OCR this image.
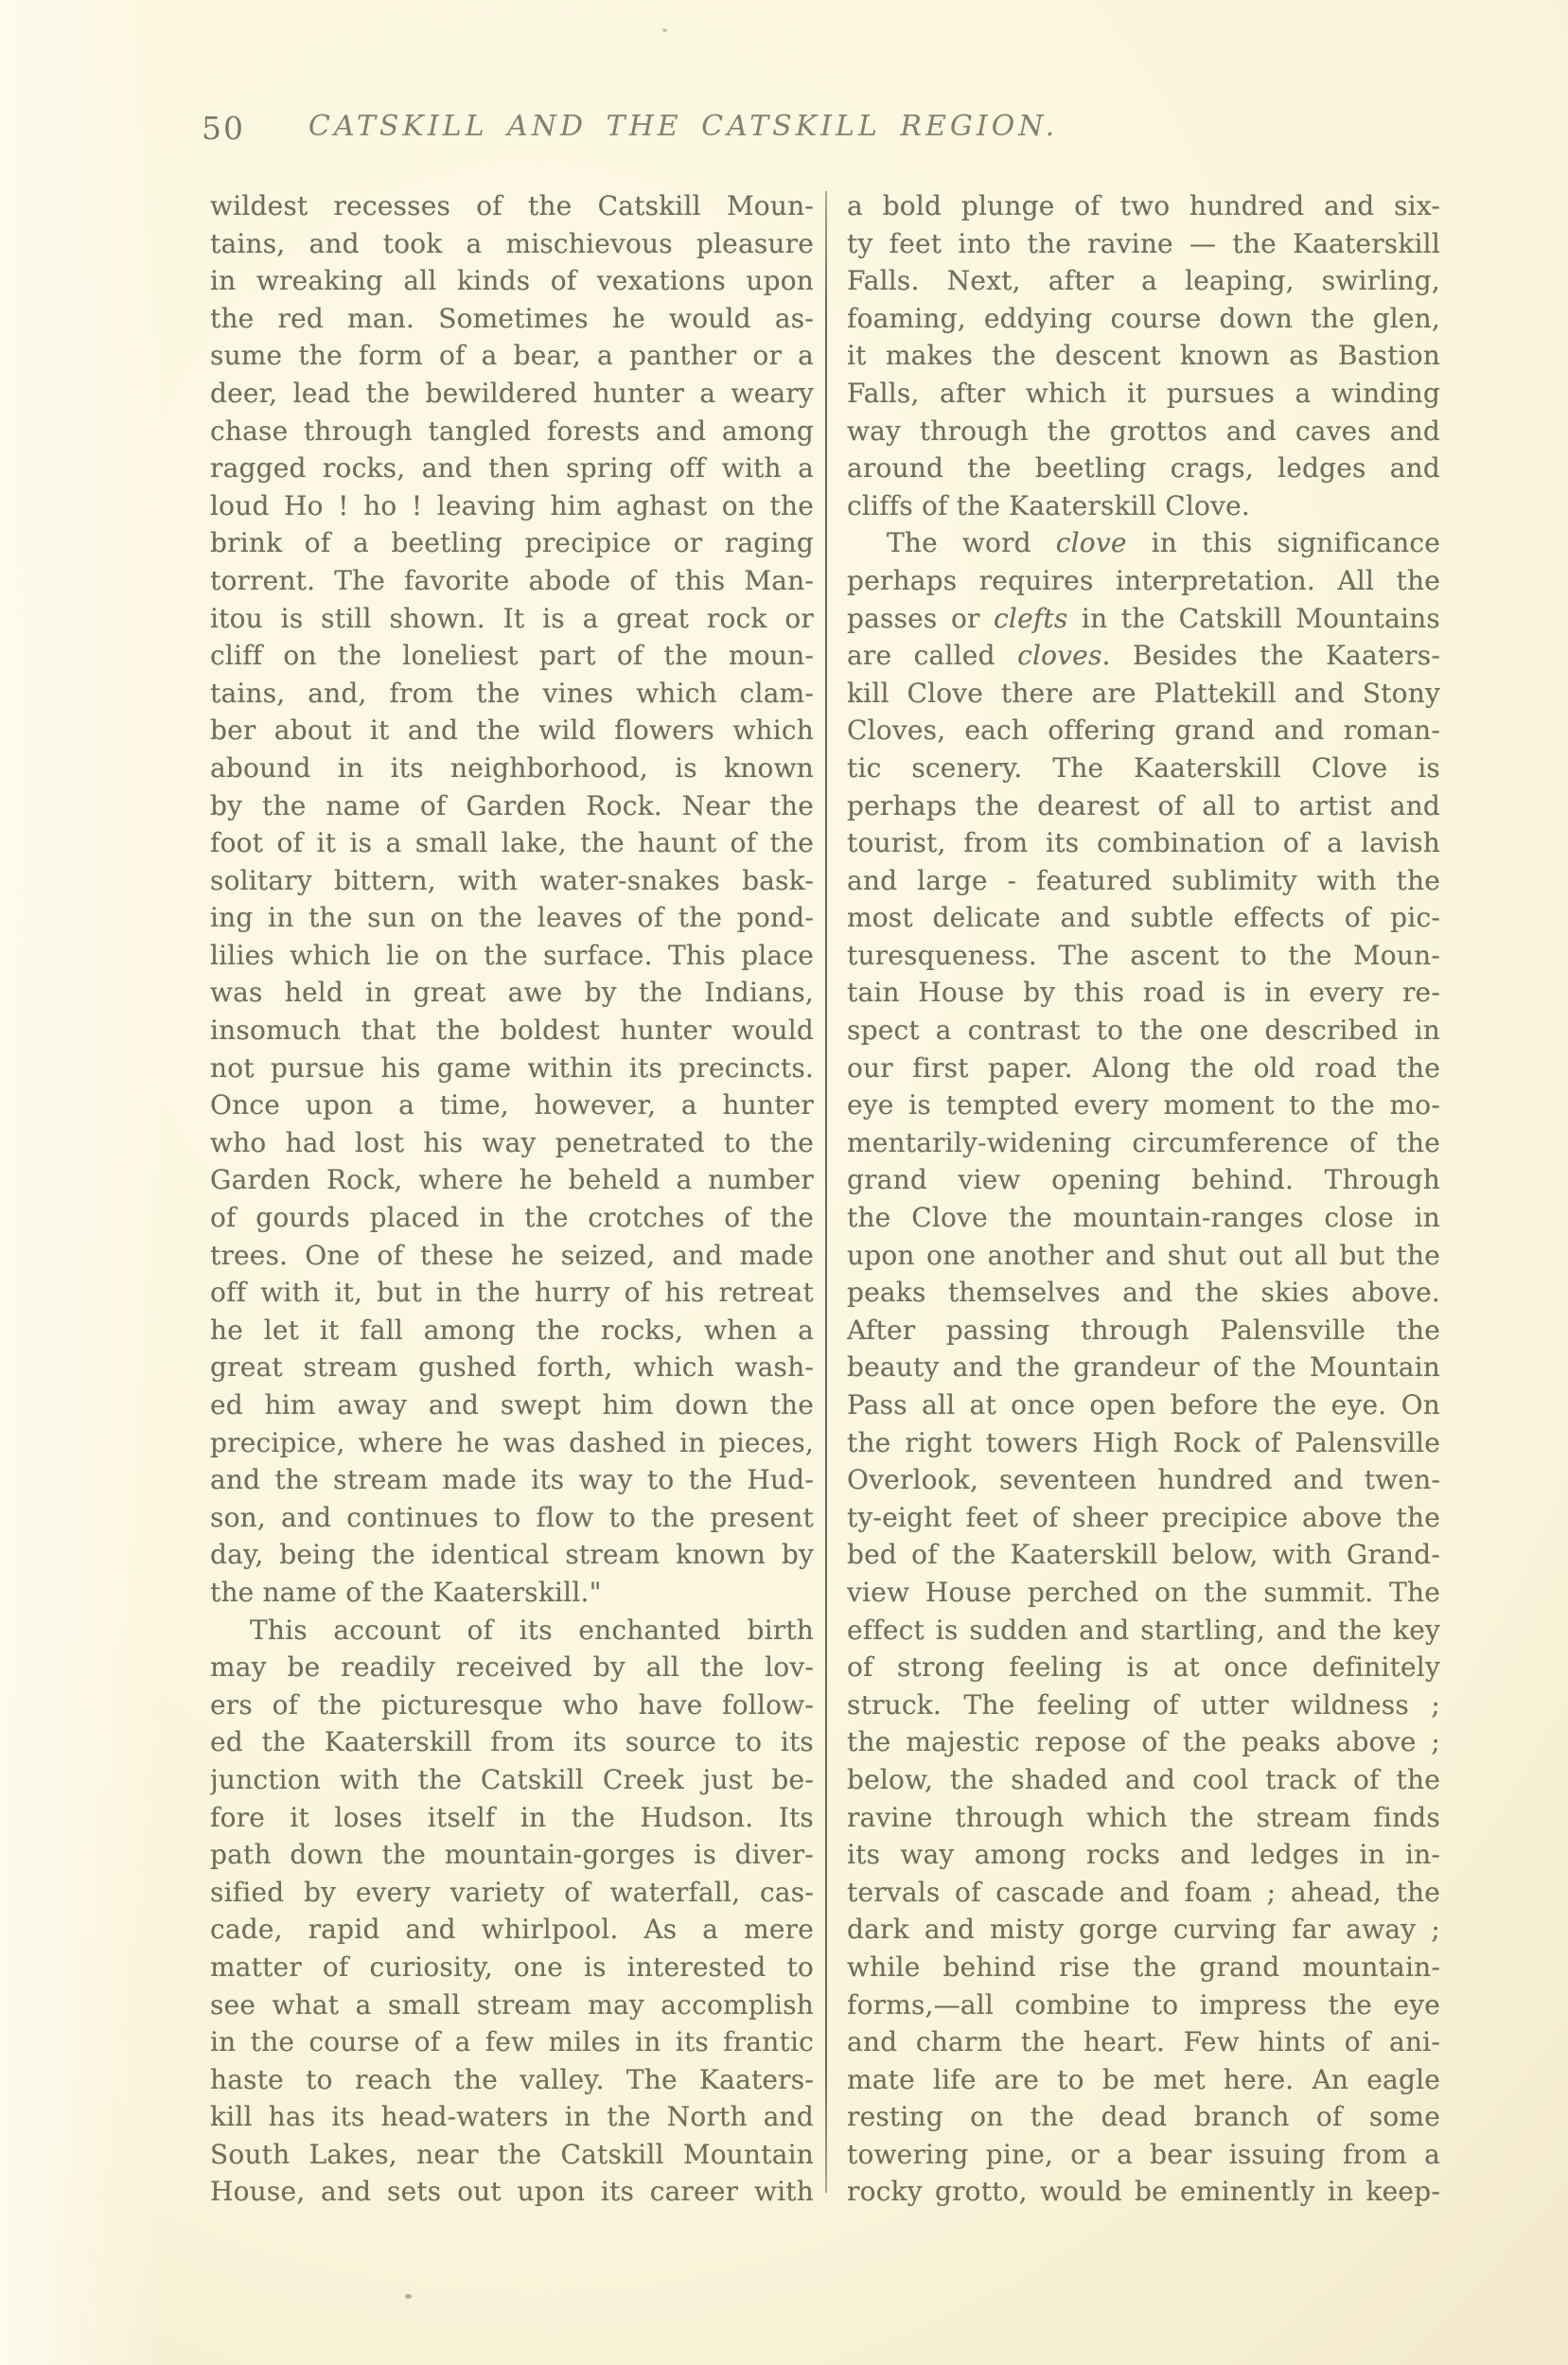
50	CATSKILL AND THE CATSKILL REGION.
wildest recesses of the Catskill Moun-
tains, and took a mischievous pleasure
in wreaking all kinds of vexations upon
the red man. Sometimes he would as-
sume the form of a bear, a panther or a
deer, lead the bewildered hunter a weary
chase through tangled forests and among
ragged rocks, and then spring off with a
loud Ho ! ho ! leaving him aghast on the
brink of a beetling precipice or raging
torrent. The favorite abode of this Man-
itou is still shown. It is a great rock or
cliff on the loneliest part of the moun-
tains, and, from the vines which clam-
ber about it and the wild flowers which
abound in its neighborhood, is known
by the name of Garden Rock. Near the
foot of it is a small lake, the haunt of the
solitary bittern, with water-snakes bask-
ing in the sun on the leaves of the pond-
lilies which lie on the surface. This place
was held in great awe by the Indians,
insomuch that the boldest hunter would
not pursue his game within its precincts.
Once upon a time, however, a hunter
who had lost his way penetrated to the
Garden Rock, where he beheld a number
of gourds placed in the crotches of the
trees. One of these he seized, and made
off with it, but in the hurry of his retreat
he let it fall among the rocks, when a
great stream gushed forth, which wash-
ed him away and swept him down the
precipice, where he was dashed in pieces,
and the stream made its way to the Hud-
son, and continues to flow to the present
day, being the identical stream known by
the name of the Kaaterskill."
This account of its enchanted birth
may be readily received by all the lov-
ers of the picturesque who have follow-
ed the Kaaterskill from its source to its
junction with the Catskill Creek just be-
fore it loses itself in the Hudson. Its
path down the mountain-gorges is diver-
sified by every variety of waterfall, cas-
cade, rapid and whirlpool. As a mere
matter of curiosity, one is interested to
see what a small stream may accomplish
in the course of a few miles in its frantic
haste to reach the valley. The Kaaters-
kill has its head-waters in the North and
South Lakes, near the Catskill Mountain
House, and sets out upon its career with
a bold plunge of two hundred and six-
ty feet into the ravine — the Kaaterskill
Falls. Next, after a leaping, swirling,
foaming, eddying course down the glen,
it makes the descent known as Bastion
Falls, after which it pursues a winding
way through the grottos and caves and
around the beetling crags, ledges and
cliffs of the Kaaterskill Clove.
The word clove in this significance
perhaps requires interpretation. All the
passes or clefts in the Catskill Mountains
are called cloves. Besides the Kaaters-
kill Clove there are Plattekill and Stony
Cloves, each offering grand and roman-
tic scenery. The Kaaterskill Clove is
perhaps the dearest of all to artist and
tourist, from its combination of a lavish
and large - featured sublimity with the
most delicate and subtle effects of pic-
turesqueness. The ascent to the Moun-
tain House by this road is in every re-
spect a contrast to the one described in
our first paper. Along the old road the
eye is tempted every moment to the mo-
mentarily-widening circumference of the
grand view opening behind. Through
the Clove the mountain-ranges close in
upon one another and shut out all but the
peaks themselves and the skies above.
After passing through Palensville the
beauty and the grandeur of the Mountain
Pass all at once open before the eye. On
the right towers High Rock of Palensville
Overlook, seventeen hundred and twen-
ty-eight feet of sheer precipice above the
bed of the Kaaterskill below, with Grand-
view House perched on the summit. The
effect is sudden and startling, and the key
of strong feeling is at once definitely
struck. The feeling of utter wildness ;
the majestic repose of the peaks above ;
below, the shaded and cool track of the
ravine through which the stream finds
its way among rocks and ledges in in-
tervals of cascade and foam ; ahead, the
dark and misty gorge curving far away ;
while behind rise the grand mountain-
forms,—all combine to impress the eye
and charm the heart. Few hints of ani-
mate life are to be met here. An eagle
resting on the dead branch of some
towering pine, or a bear issuing from a
rocky grotto, would be eminently in keep-
